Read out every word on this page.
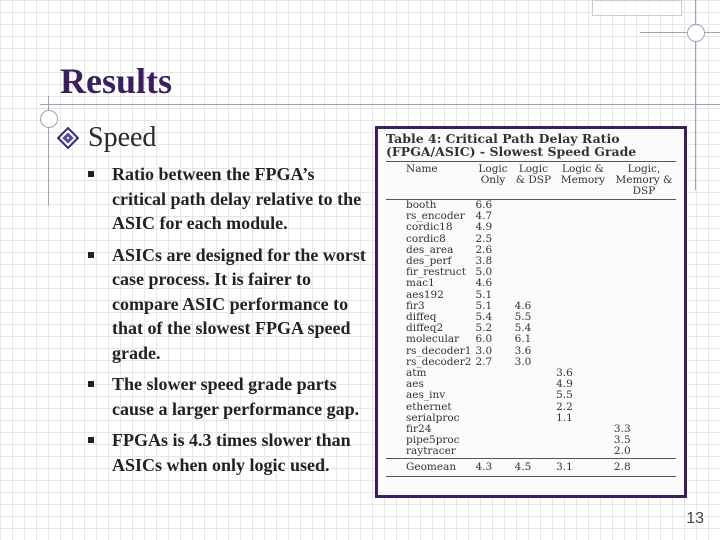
Results
Speed
Ratio between the FPGA’s critical path delay relative to the ASIC for each module.
ASICs are designed for the worst case process. It is fairer to compare ASIC performance to that of the slowest FPGA speed grade.
The slower speed grade parts cause a larger performance gap.
FPGAs is 4.3 times slower than ASICs when only logic used.

Table 4: Critical Path Delay Ratio (FPGA/ASIC) - Slowest Speed Grade

Name	Logic Only	Logic & DSP	Logic & Memory	Logic, Memory & DSP
booth	6.6			
rs_encoder	4.7			
cordic18	4.9			
cordic8	2.5			
des_area	2.6			
des_perf	3.8			
fir_restruct	5.0			
mac1	4.6			
aes192	5.1			
fir3	5.1	4.6		
diffeq	5.4	5.5		
diffeq2	5.2	5.4		
molecular	6.0	6.1		
rs_decoder1	3.0	3.6		
rs_decoder2	2.7	3.0		
atm			3.6	
aes			4.9	
aes_inv			5.5	
ethernet			2.2	
serialproc			1.1	
fir24				3.3
pipe5proc				3.5
raytracer				2.0
Geomean	4.3	4.5	3.1	2.8
13
